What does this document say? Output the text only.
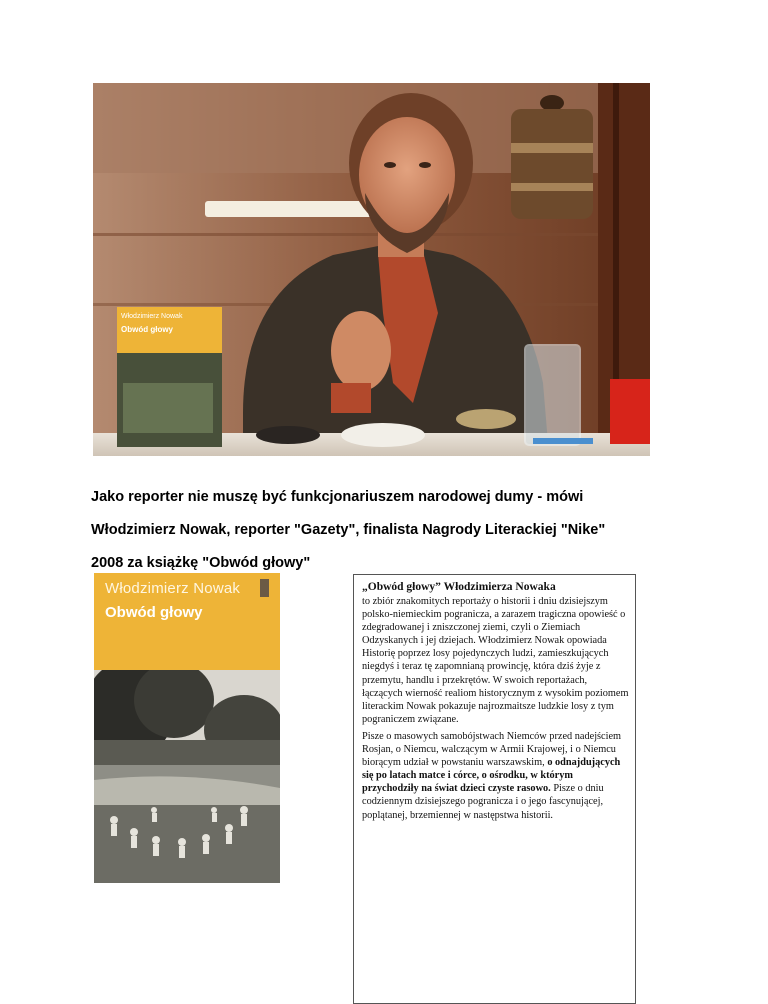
Włodzimierz Nowak
Obwód głowy
Jako reporter nie muszę być funkcjonariuszem narodowej dumy - mówi
Włodzimierz Nowak, reporter "Gazety", finalista Nagrody Literackiej "Nike"
2008 za książkę "Obwód głowy"
Włodzimierz Nowak
Obwód głowy
„Obwód głowy” Włodzimierza Nowaka

to zbiór znakomitych reportaży o historii i dniu dzisiejszym polsko-niemieckim pogranicza, a zarazem tragiczna opowieść o zdegradowanej i zniszczonej ziemi, czyli o Ziemiach Odzyskanych i jej dziejach. Włodzimierz Nowak opowiada Historię poprzez losy pojedynczych ludzi, zamieszkujących niegdyś i teraz tę zapomnianą prowincję, która dziś żyje z przemytu, handlu i przekrętów. W swoich reportażach, łączących wierność realiom historycznym z wysokim poziomem literackim Nowak pokazuje najrozmaitsze ludzkie losy z tym pograniczem związane.

Pisze o masowych samobójstwach Niemców przed nadejściem Rosjan, o Niemcu, walczącym w Armii Krajowej, i o Niemcu biorącym udział w powstaniu warszawskim, o odnajdujących się po latach matce i córce, o ośrodku, w którym przychodziły na świat dzieci czyste rasowo. Pisze o dniu codziennym dzisiejszego pogranicza i o jego fascynującej, poplątanej, brzemiennej w następstwa historii.
